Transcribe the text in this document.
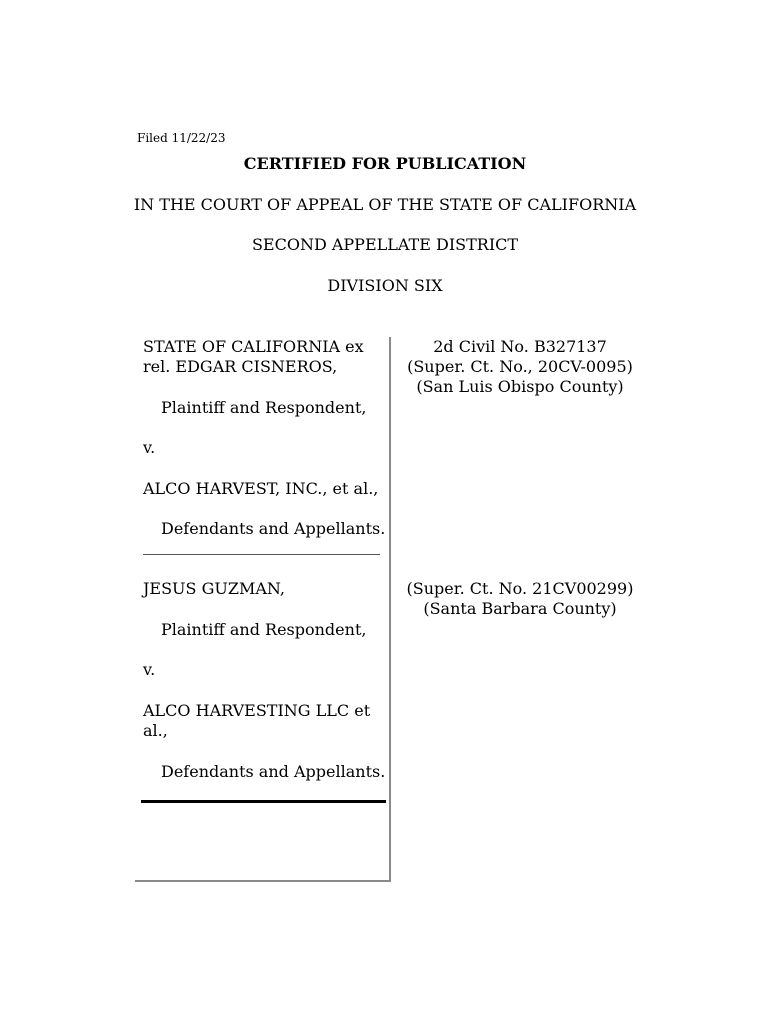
Filed 11/22/23
CERTIFIED FOR PUBLICATION
IN THE COURT OF APPEAL OF THE STATE OF CALIFORNIA
SECOND APPELLATE DISTRICT
DIVISION SIX
STATE OF CALIFORNIA ex
rel. EDGAR CISNEROS,
Plaintiff and Respondent,
v.
ALCO HARVEST, INC., et al.,
Defendants and Appellants.
2d Civil No. B327137
(Super. Ct. No., 20CV-0095)
(San Luis Obispo County)
JESUS GUZMAN,
Plaintiff and Respondent,
v.
ALCO HARVESTING LLC et
al.,
Defendants and Appellants.
(Super. Ct. No. 21CV00299)
(Santa Barbara County)
